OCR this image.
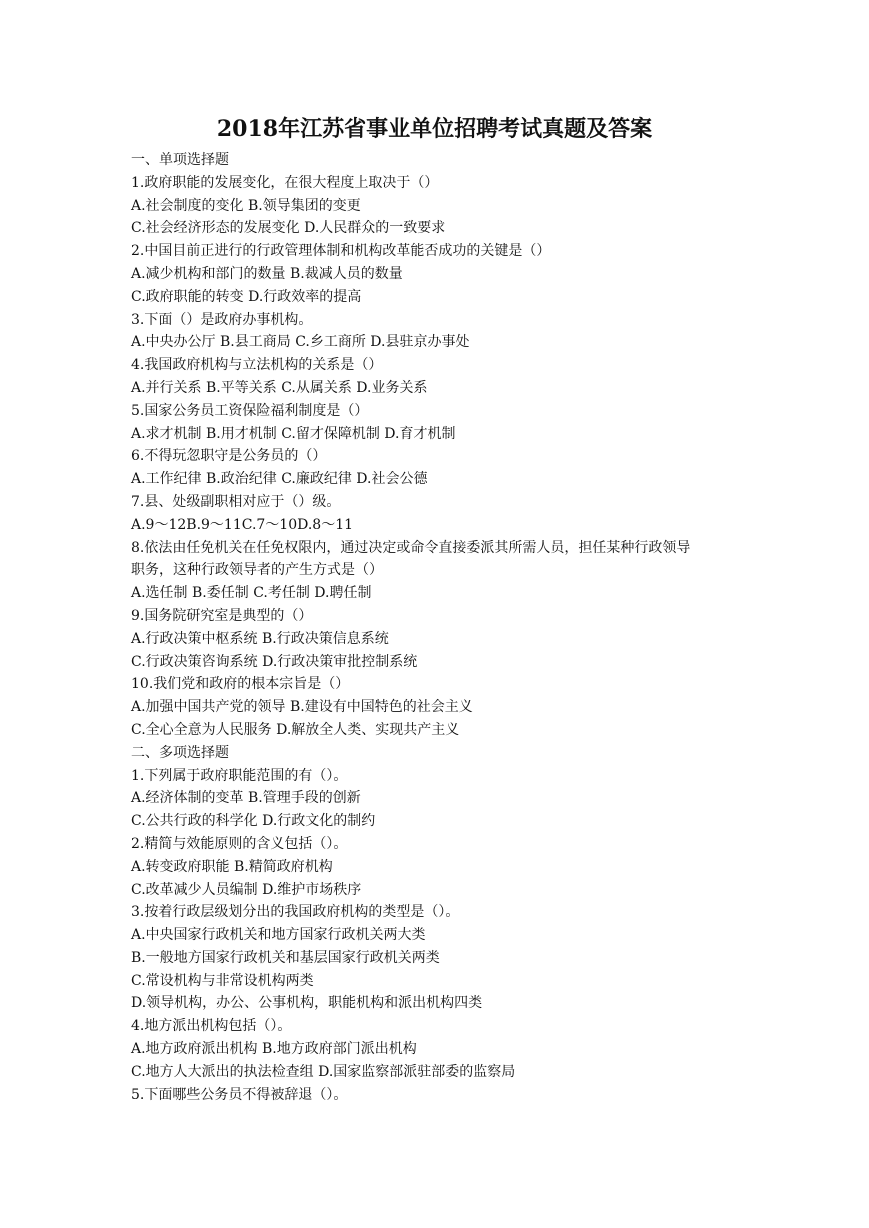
2018年江苏省事业单位招聘考试真题及答案

一、单项选择题

1.政府职能的发展变化，在很大程度上取决于（）

A.社会制度的变化 B.领导集团的变更

C.社会经济形态的发展变化 D.人民群众的一致要求

2.中国目前正进行的行政管理体制和机构改革能否成功的关键是（）

A.减少机构和部门的数量 B.裁减人员的数量

C.政府职能的转变 D.行政效率的提高

3.下面（）是政府办事机构。

A.中央办公厅 B.县工商局 C.乡工商所 D.县驻京办事处

4.我国政府机构与立法机构的关系是（）

A.并行关系 B.平等关系 C.从属关系 D.业务关系

5.国家公务员工资保险福利制度是（）

A.求才机制 B.用才机制 C.留才保障机制 D.育才机制

6.不得玩忽职守是公务员的（）

A.工作纪律 B.政治纪律 C.廉政纪律 D.社会公德

7.县、处级副职相对应于（）级。

A.9～12B.9～11C.7～10D.8～11

8.依法由任免机关在任免权限内，通过决定或命令直接委派其所需人员，担任某种行政领导

职务，这种行政领导者的产生方式是（）

A.选任制 B.委任制 C.考任制 D.聘任制

9.国务院研究室是典型的（）

A.行政决策中枢系统 B.行政决策信息系统

C.行政决策咨询系统 D.行政决策审批控制系统

10.我们党和政府的根本宗旨是（）

A.加强中国共产党的领导 B.建设有中国特色的社会主义

C.全心全意为人民服务 D.解放全人类、实现共产主义

二、多项选择题

1.下列属于政府职能范围的有（）。

A.经济体制的变革 B.管理手段的创新

C.公共行政的科学化 D.行政文化的制约

2.精简与效能原则的含义包括（）。

A.转变政府职能 B.精简政府机构

C.改革减少人员编制 D.维护市场秩序

3.按着行政层级划分出的我国政府机构的类型是（）。

A.中央国家行政机关和地方国家行政机关两大类

B.一般地方国家行政机关和基层国家行政机关两类

C.常设机构与非常设机构两类

D.领导机构，办公、公事机构，职能机构和派出机构四类

4.地方派出机构包括（）。

A.地方政府派出机构 B.地方政府部门派出机构

C.地方人大派出的执法检查组 D.国家监察部派驻部委的监察局

5.下面哪些公务员不得被辞退（）。
